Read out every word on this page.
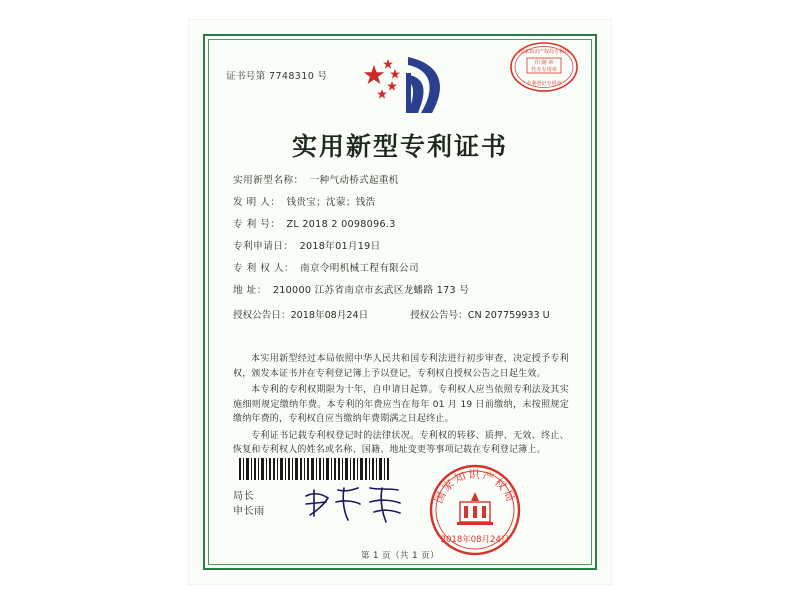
证书号第 7748310 号
国家知识产权局专利局
印 制 章
代办专用章
专利登记专用章
实用新型专利证书
实用新型名称： 一种气动桥式起重机
发 明 人： 钱贵宝；沈蒙；钱浩
专 利 号： ZL 2018 2 0098096.3
专利申请日： 2018年01月19日
专 利 权 人： 南京令明机械工程有限公司
地 址： 210000 江苏省南京市玄武区龙蟠路 173 号
授权公告日：2018年08月24日	授权公告号：CN 207759933 U

本实用新型经过本局依照中华人民共和国专利法进行初步审查，决定授予专利权，颁发本证书并在专利登记簿上予以登记，专利权自授权公告之日起生效。

本专利的专利权期限为十年，自申请日起算。专利权人应当依照专利法及其实施细则规定缴纳年费。本专利的年费应当在每年 01 月 19 日前缴纳，未按照规定缴纳年费的，专利权自应当缴纳年费期满之日起终止。

专利证书记载专利权登记时的法律状况。专利权的转移、质押、无效、终止、恢复和专利权人的姓名或名称、国籍、地址变更等事项记载在专利登记簿上。

局长
申长雨
国家知识产权局
2018年08月24日
第 1 页（共 1 页）
